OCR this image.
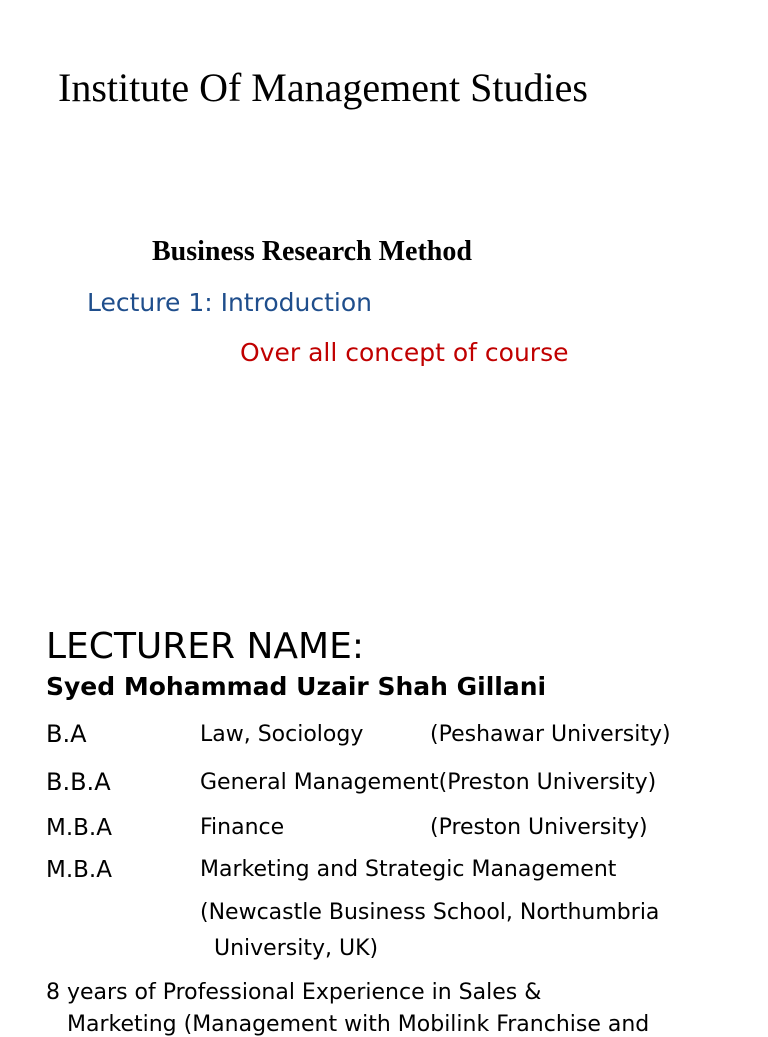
Institute Of Management Studies
Business Research Method
Lecture 1: Introduction
Over all concept of course
LECTURER NAME:
Syed Mohammad Uzair Shah Gillani
B.A	Law, Sociology	(Peshawar University)
B.B.A	General Management(Preston University)
M.B.A	Finance	(Preston University)
M.B.A	Marketing and Strategic Management
(Newcastle Business School, Northumbria
University, UK)
8 years of Professional Experience in Sales &
Marketing (Management with Mobilink Franchise and
